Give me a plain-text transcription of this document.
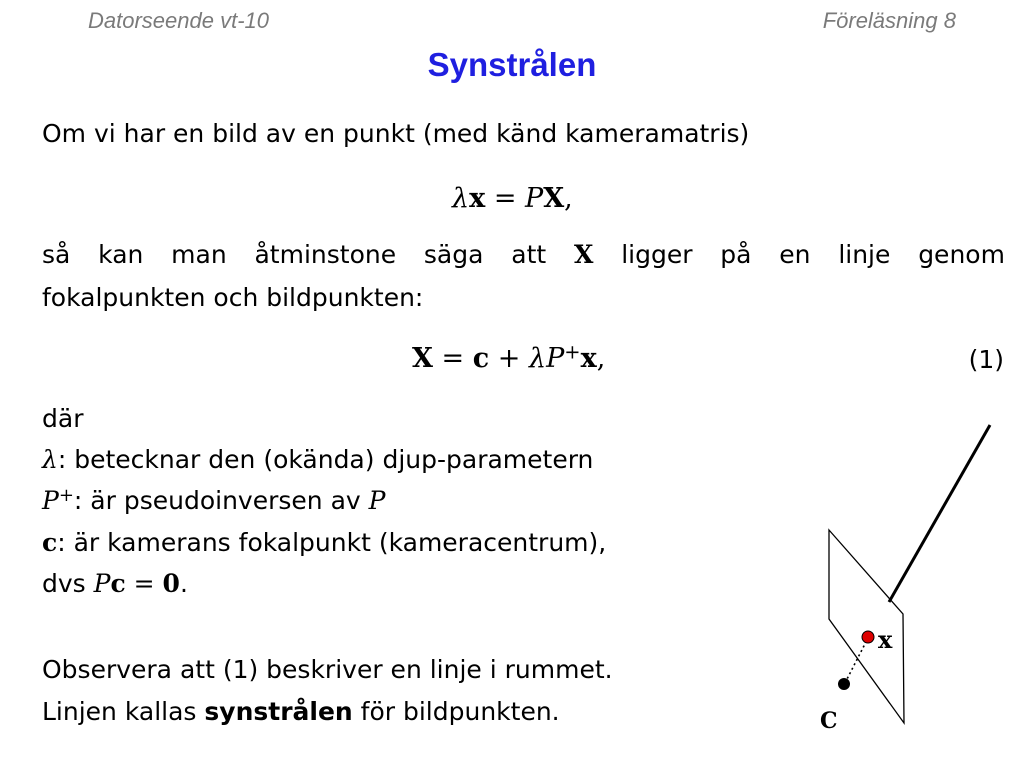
Datorseende vt-10	Föreläsning 8
Synstrålen
Om vi har en bild av en punkt (med känd kameramatris)
λx = PX,
så kan man åtminstone säga att X ligger på en linje genom
fokalpunkten och bildpunkten:
X = c + λP+x,	(1)
där
λ: betecknar den (okända) djup-parametern
P+: är pseudoinversen av P
c: är kamerans fokalpunkt (kameracentrum),
dvs Pc = 0.
Observera att (1) beskriver en linje i rummet.
Linjen kallas synstrålen för bildpunkten.
x
C
